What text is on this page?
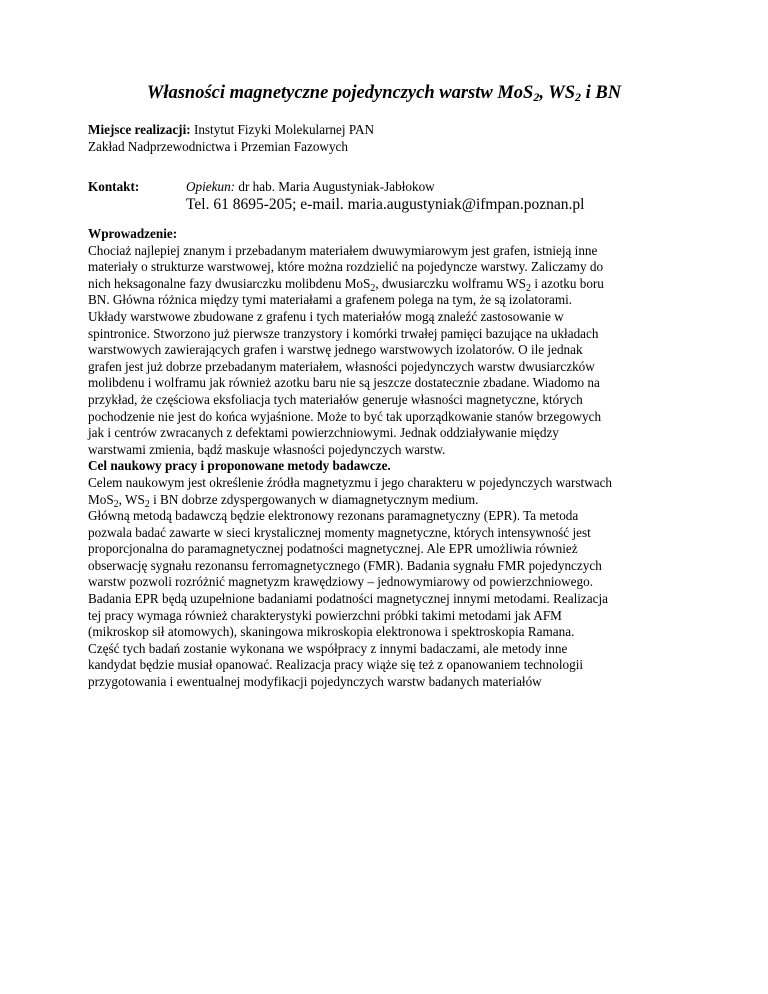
Własności magnetyczne pojedynczych warstw MoS$_2$, $WS_2$ i BN
Miejsce realizacji: Instytut Fizyki Molekularnej PAN
Zakład Nadprzewodnictwa i Przemian Fazowych
Kontakt:	Opiekun: dr hab. Maria Augustyniak-Jabłokow
Tel. 61 8695-205; e-mail. maria.augustyniak@ifmpan.poznan.pl
Wprowadzenie:
Chociaż najlepiej znanym i przebadanym materiałem dwuwymiarowym jest grafen, istnieją inne
materiały o strukturze warstwowej, które można rozdzielić na pojedyncze warstwy. Zaliczamy do
nich heksagonalne fazy dwusiarczku molibdenu MoS$_2$, dwusiarczku wolframu $WS_2$ i azotku boru
BN. Główna różnica między tymi materiałami a grafenem polega na tym, że są izolatorami.
Układy warstwowe zbudowane z grafenu i tych materiałów mogą znaleźć zastosowanie w
spintronice. Stworzono już pierwsze tranzystory i komórki trwałej pamięci bazujące na układach
warstwowych zawierających grafen i warstwę jednego warstwowych izolatorów. O ile jednak
grafen jest już dobrze przebadanym materiałem, własności pojedynczych warstw dwusiarczków
molibdenu i wolframu jak również azotku baru nie są jeszcze dostatecznie zbadane. Wiadomo na
przykład, że częściowa eksfoliacja tych materiałów generuje własności magnetyczne, których
pochodzenie nie jest do końca wyjaśnione. Może to być tak uporządkowanie stanów brzegowych
jak i centrów zwracanych z defektami powierzchniowymi. Jednak oddziaływanie między
warstwami zmienia, bądź maskuje własności pojedynczych warstw.
Cel naukowy pracy i proponowane metody badawcze.
Celem naukowym jest określenie źródła magnetyzmu i jego charakteru w pojedynczych warstwach
MoS$_2$, $WS_2$ i BN dobrze zdyspergowanych w diamagnetycznym medium.
Główną metodą badawczą będzie elektronowy rezonans paramagnetyczny (EPR). Ta metoda
pozwala badać zawarte w sieci krystalicznej momenty magnetyczne, których intensywność jest
proporcjonalna do paramagnetycznej podatności magnetycznej. Ale EPR umożliwia również
obserwację sygnału rezonansu ferromagnetycznego (FMR). Badania sygnału FMR pojedynczych
warstw pozwoli rozróżnić magnetyzm krawędziowy – jednowymiarowy od powierzchniowego.
Badania EPR będą uzupełnione badaniami podatności magnetycznej innymi metodami. Realizacja
tej pracy wymaga również charakterystyki powierzchni próbki takimi metodami jak AFM
(mikroskop sił atomowych), skaningowa mikroskopia elektronowa i spektroskopia Ramana.
Część tych badań zostanie wykonana we współpracy z innymi badaczami, ale metody inne
kandydat będzie musiał opanować. Realizacja pracy wiąże się też z opanowaniem technologii
przygotowania i ewentualnej modyfikacji pojedynczych warstw badanych materiałów
